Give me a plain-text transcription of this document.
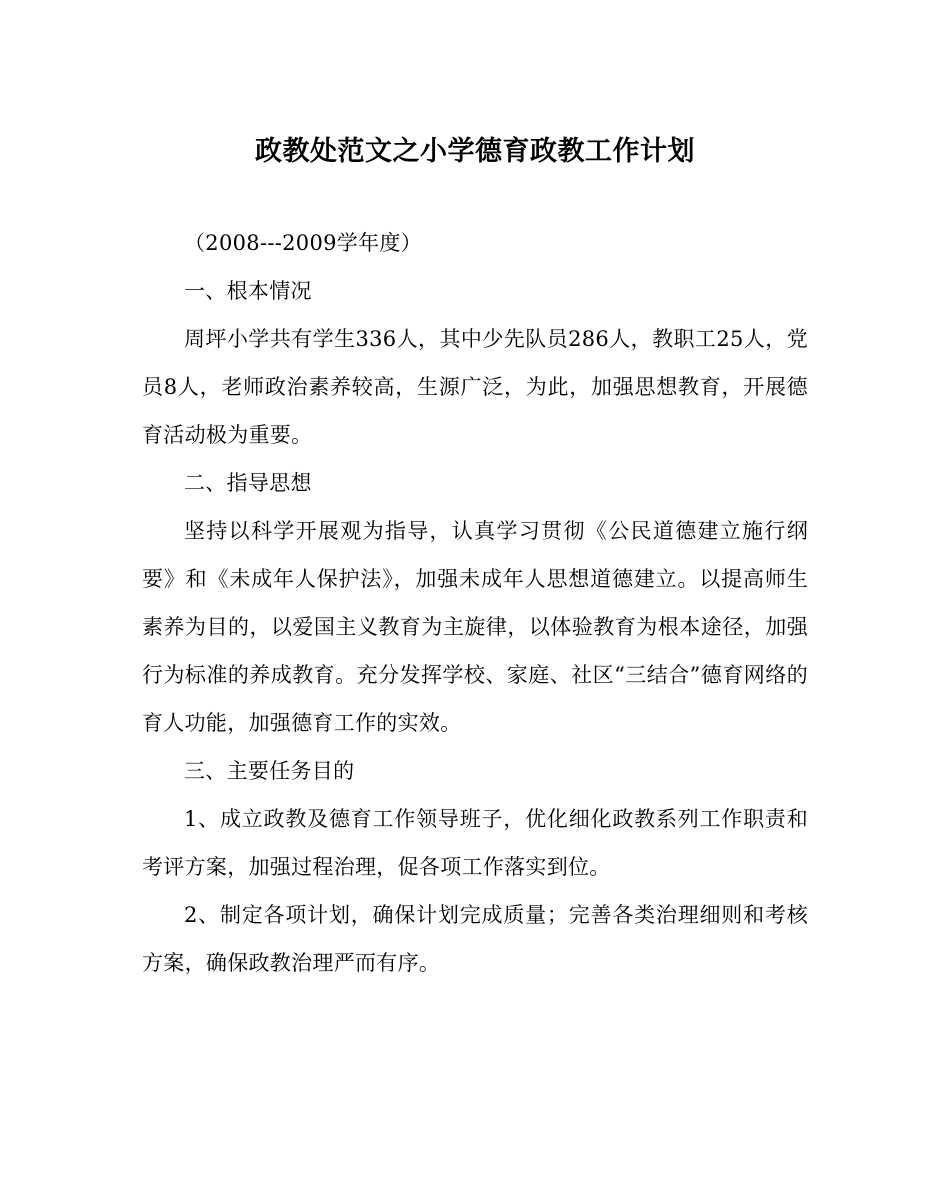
政教处范文之小学德育政教工作计划

（2008---2009学年度）

一、根本情况

周坪小学共有学生336人，其中少先队员286人，教职工25人，党员8人，老师政治素养较高，生源广泛，为此，加强思想教育，开展德育活动极为重要。

二、指导思想

坚持以科学开展观为指导，认真学习贯彻《公民道德建立施行纲要》和《未成年人保护法》，加强未成年人思想道德建立。以提高师生素养为目的，以爱国主义教育为主旋律，以体验教育为根本途径，加强行为标准的养成教育。充分发挥学校、家庭、社区“三结合”德育网络的育人功能，加强德育工作的实效。

三、主要任务目的

1、成立政教及德育工作领导班子，优化细化政教系列工作职责和考评方案，加强过程治理，促各项工作落实到位。

2、制定各项计划，确保计划完成质量；完善各类治理细则和考核方案，确保政教治理严而有序。
